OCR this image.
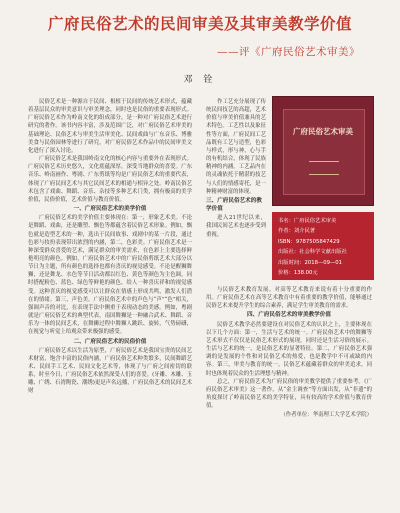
广府民俗艺术的民间审美及其审美教学价值
——评《广府民俗艺术审美》
邓 铨

民俗艺术是一种源自于民间、根植于民间的传统艺术形式，蕴藏着基层民众的审美意识与审美理念，同时也是民俗的重要表现形式。广府民俗艺术作为岭南文化的组成部分，是一种对广府民俗艺术进行研究的著作。该书内容丰富，涉及范围广泛，对广府民俗艺术审美的基础理论、民俗艺术与审美生活审美化、民间戏曲与广东音乐、博雅美食与民俗园林等进行了研究，对广府民俗艺术作品中的民间审美文化进行了深入讨论。

广府民俗艺术是我国岭南文化的核心内容与重要外在表现形式。广府民俗艺术历史悠久，文化底蕴深厚，深受当地群众的喜爱。广东音乐、岭南画作、粤剧、广东剪纸等均是广府民俗艺术的重要代表，体现了广府民间艺术与其它民间艺术的相通与相异之处。岭南民俗艺术包含了戏曲、舞蹈、音乐、杂技等多种艺术门类，拥有极高的美学价值，民俗价值，艺术价值与教育价值。

一、广府民俗艺术的美学价值

广府民俗艺术的美学价值主要体现在：第一，形象艺术美。不论是舞蹈、戏曲，还是雕塑、飘色等都蕴含着民俗艺术形象。例如，飘色就是造型艺术的一种，选出于民间故事、戏剧中的某一片段，通过色彩与妆扮表现带出浓烈的内涵，第二，色彩美。广府民俗艺术是一种深受群众喜爱的艺术，满足群众的审美需求，在色彩上主要选择鲜艳明亮的颜色。例如，广府民俗艺术中的广府民俗剪纸艺术大部分以节日为主题，所有颜色的选择也都有喜庆的视觉感受。不论是醒狮舞狮，还是舞龙、水色等节日活动都以红色、黄色等颜色为主色调，同时搭配粉色、蓝色、绿色等鲜艳的颜色，给人一种喜庆祥和的视觉感受。这种喜庆的视觉感受可以让群众在情感上形成共鸣，激发人们潜在的情绪。第三，声色美。广府民俗艺术中的声色与“声”“色”相关，强调声音的对比，在表现手法中侧重于表现动态的美感。例如，粤剧就是广府民俗艺术的典型代表，南国舞狮是一种融合武术、舞蹈、音乐为一体的民间艺术，在舞狮过程中舞狮人跳跃、旋转，气势磅礴，在视觉与听觉上给观众带来极强的感受。

二、广府民俗艺术的民俗价值

广府民俗艺术以生活为原型，广府民俗艺术是我国宝贵的民间艺术财富，饱含丰富的民俗内涵，广府民俗艺术种类繁多，民间舞蹈艺术、民间手工艺术、民间文化艺术等，体现了与广府之间密切的联系，时至今日，广府民俗艺术依然深受人们的喜爱。(牙雕、木雕、玉雕、广绣、石湾陶瓷、潮绣)更是声名远播，广府民俗艺术的民间艺术财

作工艺充分展现了传统民间技艺的高超，艺术价值与审美价值兼具的艺术特色。工艺性以及象征性等方面，广府民间工艺品既有工艺与造型，色彩与样式，形与神，心与手的有机结合，体现了民族精神的内涵。工艺品内在的灵魂依托于精湛的技艺与人们的情感寄托，是一种精神财富的体现。

三、广府民俗艺术的教学价值

进入21世纪以来，我国民间艺术也逐步受到重视。

广府民俗艺术审美
书名：广府民俗艺术审美
作者：刘介民著
ISBN：9787505847429
出版社：社会科学文献出版社
出版时间：2018—09—01
价格：138.00元

与民俗艺术教育发展。对高等艺术教育来说有着十分重要的作用。广府民俗艺术在高等艺术教育中有着重要的教学价值，能够通过民俗艺术来提升学生的综合素养，满足学生审美教育的需求。

四、广府民俗艺术的审美教学价值

民俗艺术教学必然要建设在对民俗艺术的认识之上，主要体现在以下几个方面：第一，生活与艺术的统一。广府民俗艺术中的舞狮等艺术形式不仅仅是民俗艺术形式的展现，同时还是生活习俗的展示。生活与艺术的统一，是民俗艺术的显著特征。第二，广府民俗艺术强调的是发展的个性和对民俗艺术的热爱，也是教学中不可或缺的内容。第三，审美与教育的统一。民俗艺术蕴藏着群众的审美追求，同时也体现着民众的生活理想与精神。

总之，广府民俗艺术为广府民俗的审美教学提供了重要参考。《广府民俗艺术审美》这一著作，从“金主调查”等方面出发，从“非遗”的角度探讨了岭南民俗艺术的美学特征，具有较高的学术价值与教育价值。

（作者单位：华南理工大学艺术学院）
